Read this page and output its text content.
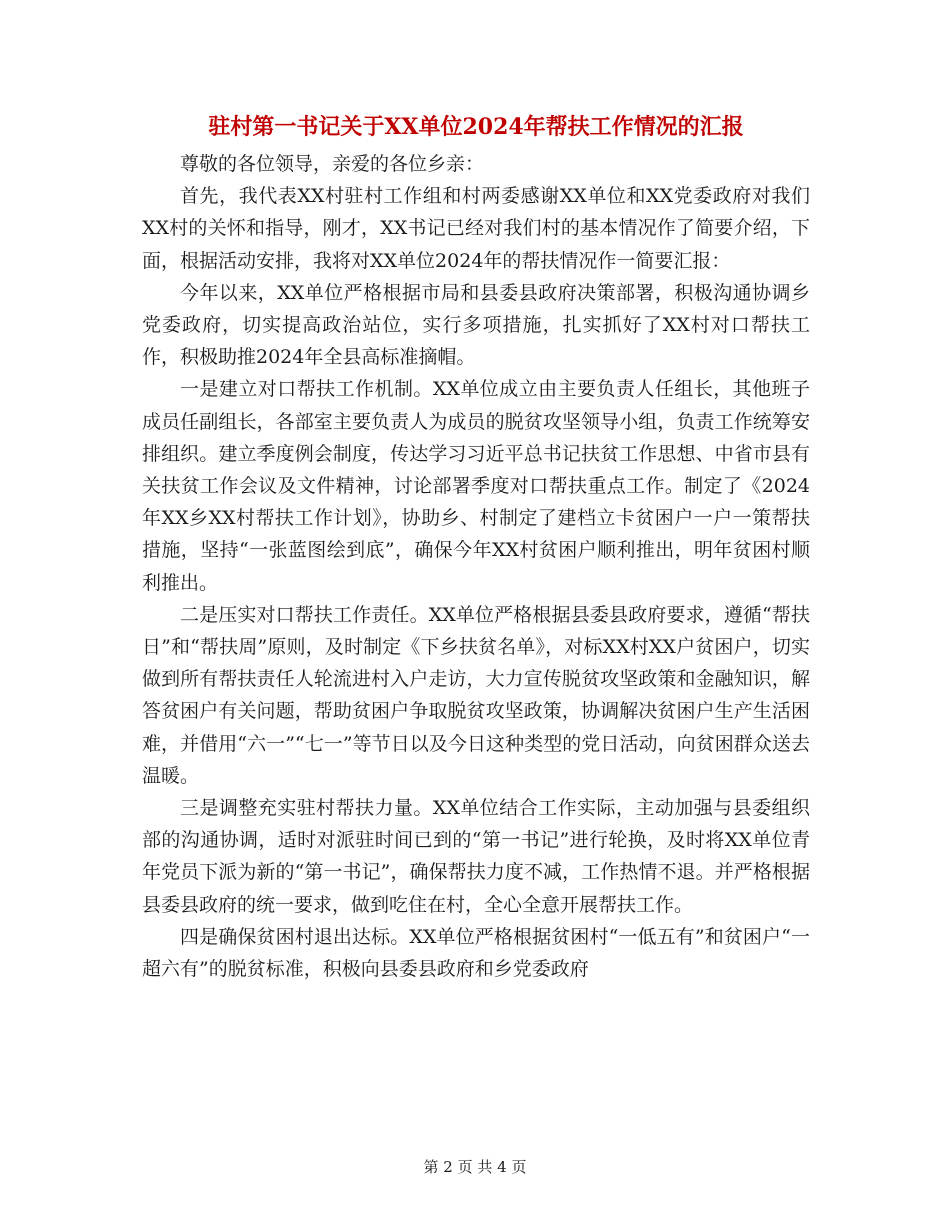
驻村第一书记关于XX单位2024年帮扶工作情况的汇报

尊敬的各位领导，亲爱的各位乡亲：

首先，我代表XX村驻村工作组和村两委感谢XX单位和XX党委政府对我们XX村的关怀和指导，刚才，XX书记已经对我们村的基本情况作了简要介绍，下面，根据活动安排，我将对XX单位2024年的帮扶情况作一简要汇报：

今年以来，XX单位严格根据市局和县委县政府决策部署，积极沟通协调乡党委政府，切实提高政治站位，实行多项措施，扎实抓好了XX村对口帮扶工作，积极助推2024年全县高标准摘帽。

一是建立对口帮扶工作机制。XX单位成立由主要负责人任组长，其他班子成员任副组长，各部室主要负责人为成员的脱贫攻坚领导小组，负责工作统筹安排组织。建立季度例会制度，传达学习习近平总书记扶贫工作思想、中省市县有关扶贫工作会议及文件精神，讨论部署季度对口帮扶重点工作。制定了《2024年XX乡XX村帮扶工作计划》，协助乡、村制定了建档立卡贫困户一户一策帮扶措施，坚持“一张蓝图绘到底”，确保今年XX村贫困户顺利推出，明年贫困村顺利推出。

二是压实对口帮扶工作责任。XX单位严格根据县委县政府要求，遵循“帮扶日”和“帮扶周”原则，及时制定《下乡扶贫名单》，对标XX村XX户贫困户，切实做到所有帮扶责任人轮流进村入户走访，大力宣传脱贫攻坚政策和金融知识，解答贫困户有关问题，帮助贫困户争取脱贫攻坚政策，协调解决贫困户生产生活困难，并借用“六一”“七一”等节日以及今日这种类型的党日活动，向贫困群众送去温暖。

三是调整充实驻村帮扶力量。XX单位结合工作实际，主动加强与县委组织部的沟通协调，适时对派驻时间已到的“第一书记”进行轮换，及时将XX单位青年党员下派为新的“第一书记”，确保帮扶力度不减，工作热情不退。并严格根据县委县政府的统一要求，做到吃住在村，全心全意开展帮扶工作。

四是确保贫困村退出达标。XX单位严格根据贫困村“一低五有”和贫困户“一超六有”的脱贫标准，积极向县委县政府和乡党委政府

第 2 页 共 4 页
